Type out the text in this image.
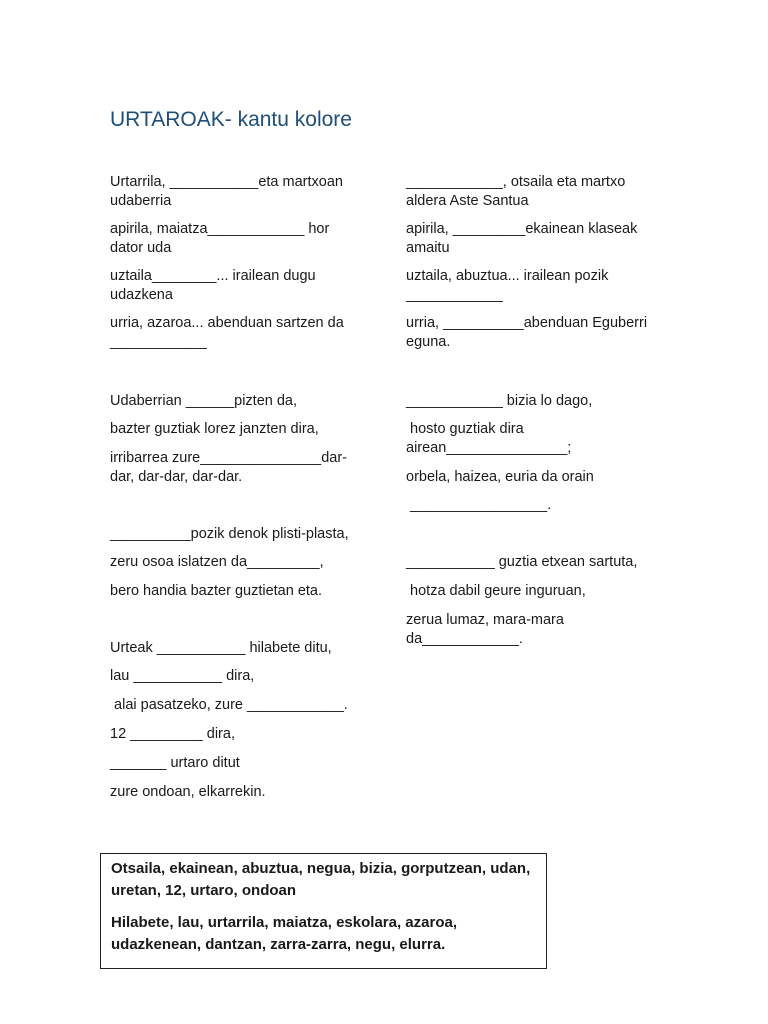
URTAROAK- kantu kolore

Urtarrila, ___________eta martxoan udaberria

apirila, maiatza____________ hor dator uda

uztaila________... irailean dugu udazkena

urria, azaroa... abenduan sartzen da ____________

Udaberrian ______pizten da,

bazter guztiak lorez janzten dira,

irribarrea zure_______________dar-dar, dar-dar, dar-dar.

__________pozik denok plisti-plasta,

zeru osoa islatzen da_________,

bero handia bazter guztietan eta.

Urteak ___________ hilabete ditu,

lau ___________ dira,

alai pasatzeko, zure ____________.

12 _________ dira,

_______ urtaro ditut

zure ondoan, elkarrekin.

____________, otsaila eta martxo aldera Aste Santua

apirila, _________ekainean klaseak amaitu

uztaila, abuztua... irailean pozik ____________

urria, __________abenduan Eguberri eguna.

____________ bizia lo dago,

hosto guztiak dira airean_______________;

orbela, haizea, euria da orain

_________________.

___________ guztia etxean sartuta,

hotza dabil geure inguruan,

zerua lumaz, mara-mara da____________.

Otsaila, ekainean, abuztua, negua, bizia, gorputzean, udan, uretan, 12, urtaro, ondoan

Hilabete, lau, urtarrila, maiatza, eskolara, azaroa, udazkenean, dantzan, zarra-zarra, negu, elurra.
